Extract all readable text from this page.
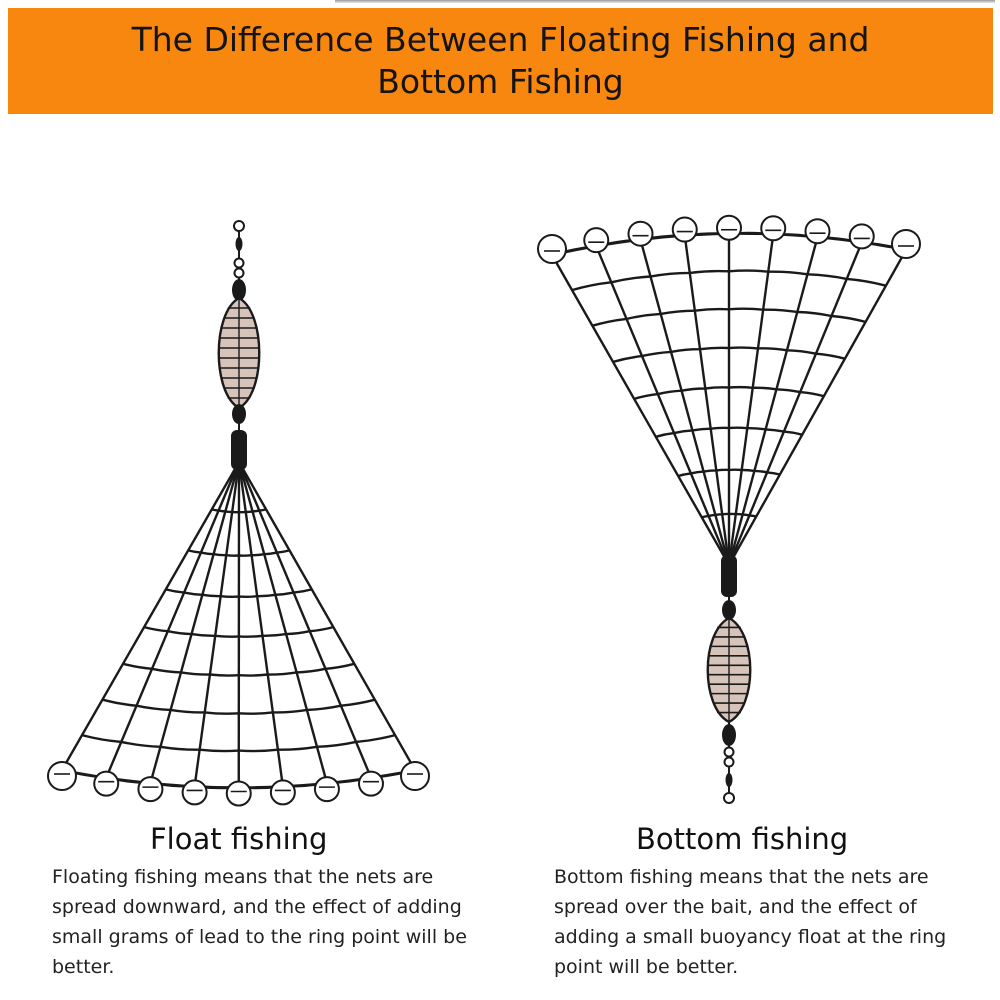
The Difference Between Floating Fishing and Bottom Fishing
Float fishing
Floating fishing means that the nets are spread downward, and the effect of adding small grams of lead to the ring point will be better.
Bottom fishing
Bottom fishing means that the nets are spread over the bait, and the effect of adding a small buoyancy float at the ring point will be better.
